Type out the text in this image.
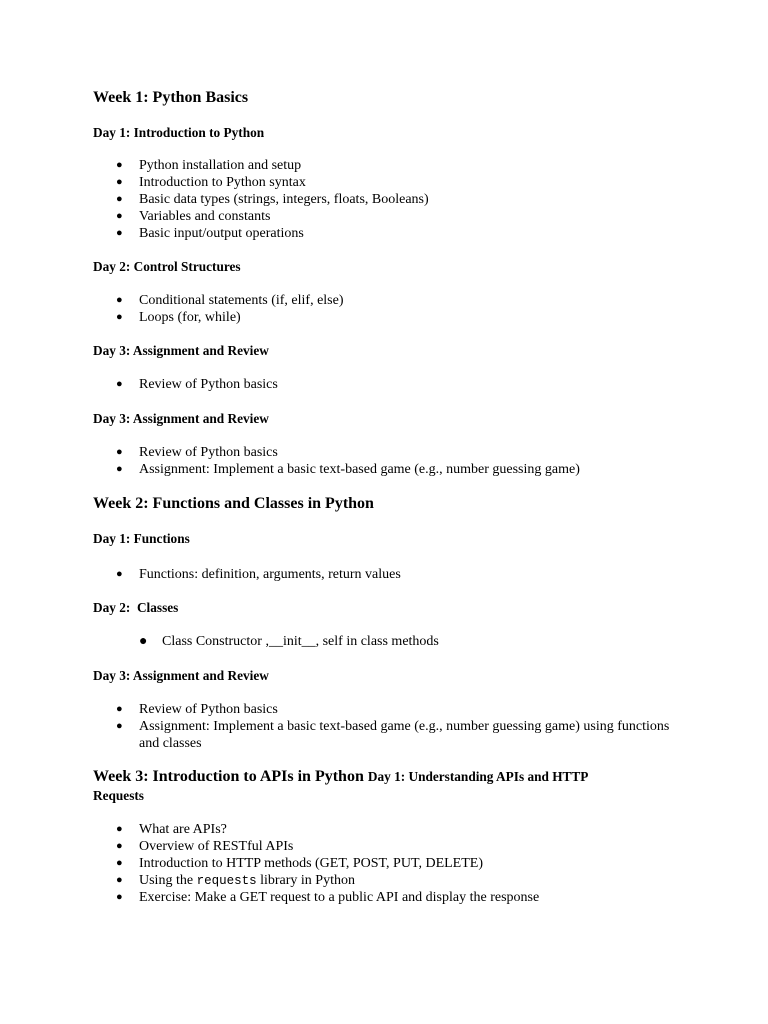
Week 1: Python Basics
Day 1: Introduction to Python
● Python installation and setup
● Introduction to Python syntax
● Basic data types (strings, integers, floats, Booleans)
● Variables and constants
● Basic input/output operations
Day 2: Control Structures
● Conditional statements (if, elif, else)
● Loops (for, while)
Day 3: Assignment and Review
● Review of Python basics
Day 3: Assignment and Review
● Review of Python basics
● Assignment: Implement a basic text-based game (e.g., number guessing game)
Week 2: Functions and Classes in Python
Day 1: Functions
● Functions: definition, arguments, return values
Day 2:  Classes
● Class Constructor ,__init__, self in class methods
Day 3: Assignment and Review
● Review of Python basics
● Assignment: Implement a basic text-based game (e.g., number guessing game) using functions and classes
Week 3: Introduction to APIs in Python Day 1: Understanding APIs and HTTP
Requests
● What are APIs?
● Overview of RESTful APIs
● Introduction to HTTP methods (GET, POST, PUT, DELETE)
● Using the requests library in Python
● Exercise: Make a GET request to a public API and display the response
